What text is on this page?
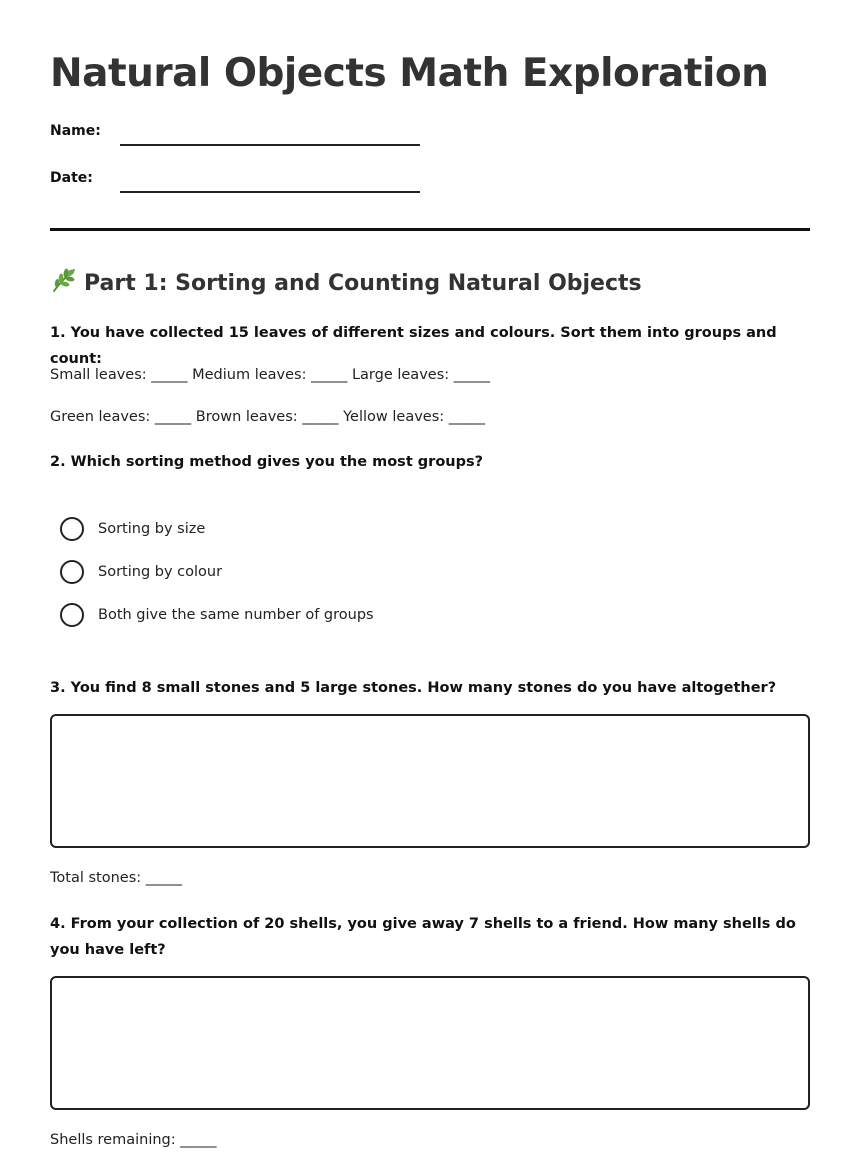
Natural Objects Math Exploration
Name:
Date:
Part 1: Sorting and Counting Natural Objects

1. You have collected 15 leaves of different sizes and colours. Sort them into groups and count:

Small leaves: _____ Medium leaves: _____ Large leaves: _____
Green leaves: _____ Brown leaves: _____ Yellow leaves: _____

2. Which sorting method gives you the most groups?

Sorting by size
Sorting by colour
Both give the same number of groups

3. You find 8 small stones and 5 large stones. How many stones do you have altogether?

Total stones: _____

4. From your collection of 20 shells, you give away 7 shells to a friend. How many shells do you have left?

Shells remaining: _____
